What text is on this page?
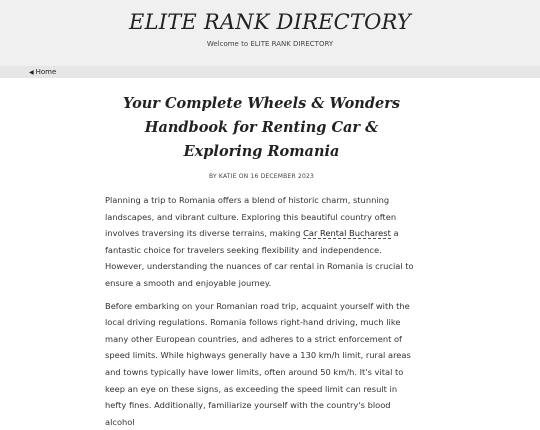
ELITE RANK DIRECTORY
Welcome to ELITE RANK DIRECTORY
◀ Home
Your Complete Wheels & Wonders Handbook for Renting Car & Exploring Romania
BY KATIE ON 16 DECEMBER 2023

Planning a trip to Romania offers a blend of historic charm, stunning landscapes, and vibrant culture. Exploring this beautiful country often involves traversing its diverse terrains, making Car Rental Bucharest a fantastic choice for travelers seeking flexibility and independence. However, understanding the nuances of car rental in Romania is crucial to ensure a smooth and enjoyable journey.

Before embarking on your Romanian road trip, acquaint yourself with the local driving regulations. Romania follows right-hand driving, much like many other European countries, and adheres to a strict enforcement of speed limits. While highways generally have a 130 km/h limit, rural areas and towns typically have lower limits, often around 50 km/h. It's vital to keep an eye on these signs, as exceeding the speed limit can result in hefty fines. Additionally, familiarize yourself with the country's blood alcohol
